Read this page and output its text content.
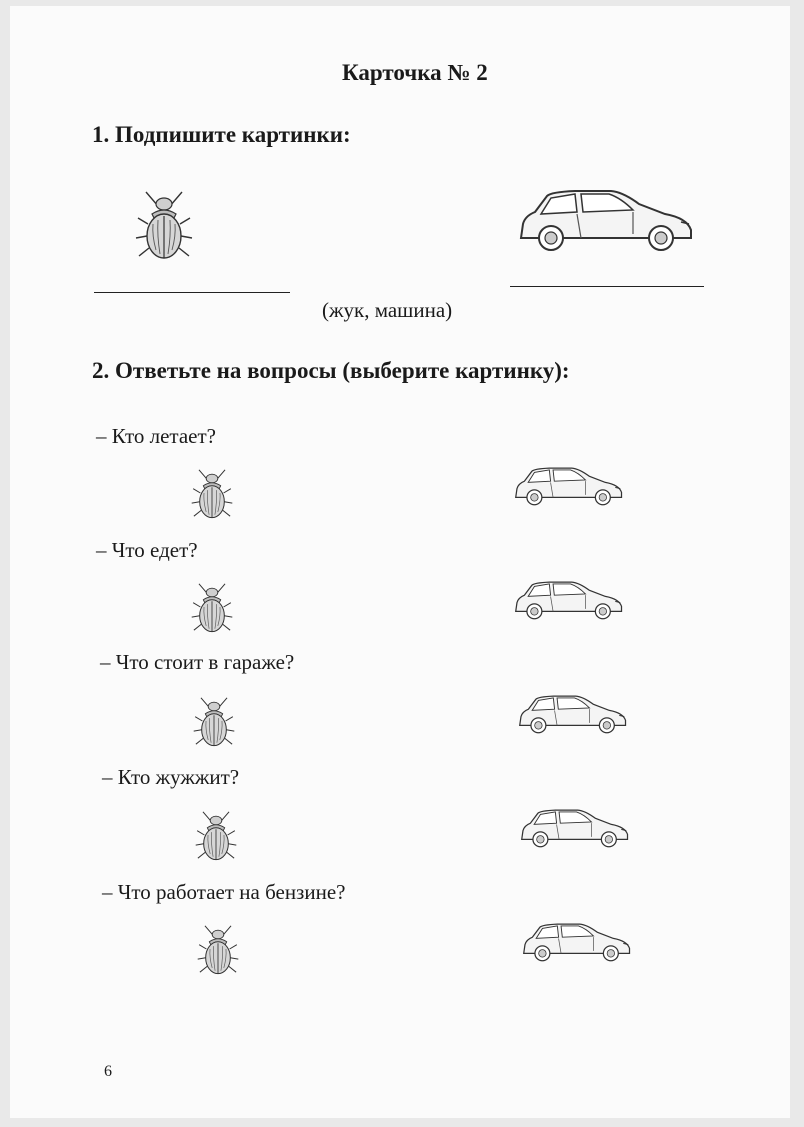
Карточка № 2
1. Подпишите картинки:
(жук, машина)
2. Ответьте на вопросы (выберите картинку):
– Кто летает?
– Что едет?
– Что стоит в гараже?
– Кто жужжит?
– Что работает на бензине?
6
